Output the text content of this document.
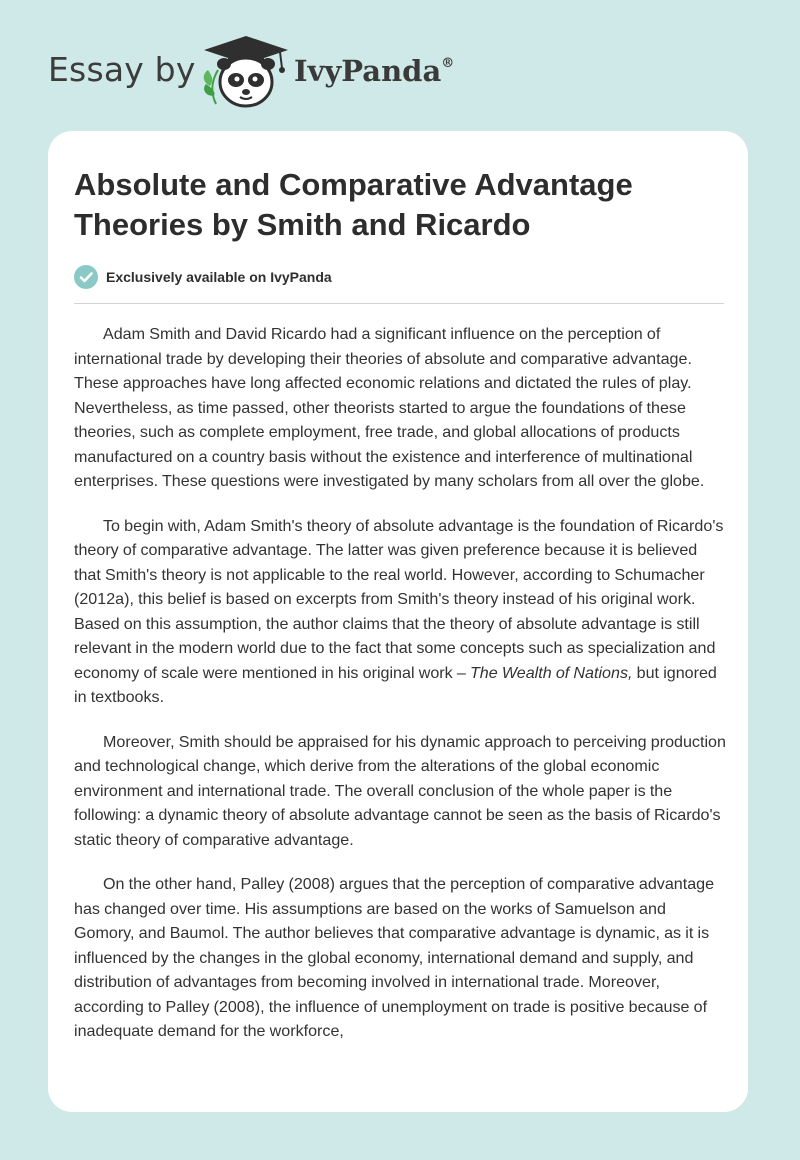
Essay by	IvyPanda®
Absolute and Comparative Advantage Theories by Smith and Ricardo
Exclusively available on IvyPanda

Adam Smith and David Ricardo had a significant influence on the perception of international trade by developing their theories of absolute and comparative advantage. These approaches have long affected economic relations and dictated the rules of play. Nevertheless, as time passed, other theorists started to argue the foundations of these theories, such as complete employment, free trade, and global allocations of products manufactured on a country basis without the existence and interference of multinational enterprises. These questions were investigated by many scholars from all over the globe.

To begin with, Adam Smith's theory of absolute advantage is the foundation of Ricardo's theory of comparative advantage. The latter was given preference because it is believed that Smith's theory is not applicable to the real world. However, according to Schumacher (2012a), this belief is based on excerpts from Smith's theory instead of his original work. Based on this assumption, the author claims that the theory of absolute advantage is still relevant in the modern world due to the fact that some concepts such as specialization and economy of scale were mentioned in his original work – The Wealth of Nations, but ignored in textbooks.

Moreover, Smith should be appraised for his dynamic approach to perceiving production and technological change, which derive from the alterations of the global economic environment and international trade. The overall conclusion of the whole paper is the following: a dynamic theory of absolute advantage cannot be seen as the basis of Ricardo's static theory of comparative advantage.

On the other hand, Palley (2008) argues that the perception of comparative advantage has changed over time. His assumptions are based on the works of Samuelson and Gomory, and Baumol. The author believes that comparative advantage is dynamic, as it is influenced by the changes in the global economy, international demand and supply, and distribution of advantages from becoming involved in international trade. Moreover, according to Palley (2008), the influence of unemployment on trade is positive because of inadequate demand for the workforce,
